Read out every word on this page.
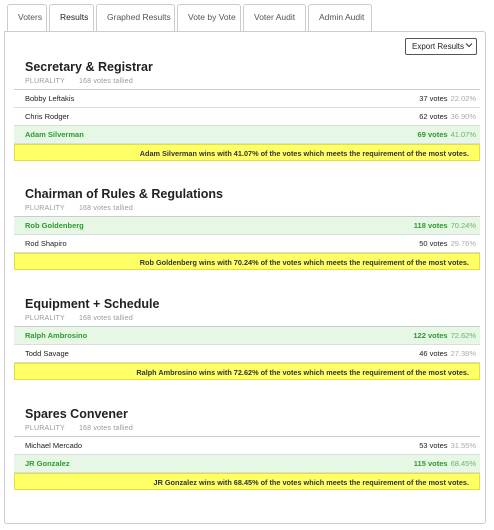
Voters	Results	Graphed Results	Vote by Vote	Voter Audit	Admin Audit
Export Results
Secretary & Registrar
PLURALITY 168 votes tallied
Bobby Leftakis	37 votes 22.02%
Chris Rodger	62 votes 36.90%
Adam Silverman	69 votes 41.07%
Adam Silverman wins with 41.07% of the votes which meets the requirement of the most votes.
Chairman of Rules & Regulations
PLURALITY 168 votes tallied
Rob Goldenberg	118 votes 70.24%
Rod Shapiro	50 votes 29.76%
Rob Goldenberg wins with 70.24% of the votes which meets the requirement of the most votes.
Equipment + Schedule
PLURALITY 168 votes tallied
Ralph Ambrosino	122 votes 72.62%
Todd Savage	46 votes 27.38%
Ralph Ambrosino wins with 72.62% of the votes which meets the requirement of the most votes.
Spares Convener
PLURALITY 168 votes tallied
Michael Mercado	53 votes 31.55%
JR Gonzalez	115 votes 68.45%
JR Gonzalez wins with 68.45% of the votes which meets the requirement of the most votes.
